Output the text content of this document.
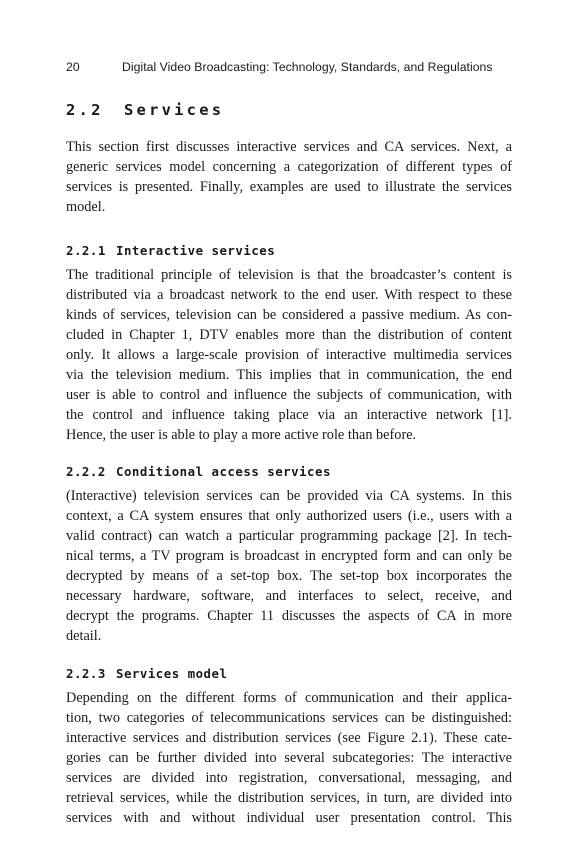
20	Digital Video Broadcasting: Technology, Standards, and Regulations
2.2 Services
This section first discusses interactive services and CA services. Next, a
generic services model concerning a categorization of different types of
services is presented. Finally, examples are used to illustrate the services
model.
2.2.1 Interactive services
The traditional principle of television is that the broadcaster’s content is
distributed via a broadcast network to the end user. With respect to these
kinds of services, television can be considered a passive medium. As con-
cluded in Chapter 1, DTV enables more than the distribution of content
only. It allows a large-scale provision of interactive multimedia services
via the television medium. This implies that in communication, the end
user is able to control and influence the subjects of communication, with
the control and influence taking place via an interactive network [1].
Hence, the user is able to play a more active role than before.
2.2.2 Conditional access services
(Interactive) television services can be provided via CA systems. In this
context, a CA system ensures that only authorized users (i.e., users with a
valid contract) can watch a particular programming package [2]. In tech-
nical terms, a TV program is broadcast in encrypted form and can only be
decrypted by means of a set-top box. The set-top box incorporates the
necessary hardware, software, and interfaces to select, receive, and
decrypt the programs. Chapter 11 discusses the aspects of CA in more
detail.
2.2.3 Services model
Depending on the different forms of communication and their applica-
tion, two categories of telecommunications services can be distinguished:
interactive services and distribution services (see Figure 2.1). These cate-
gories can be further divided into several subcategories: The interactive
services are divided into registration, conversational, messaging, and
retrieval services, while the distribution services, in turn, are divided into
services with and without individual user presentation control. This
